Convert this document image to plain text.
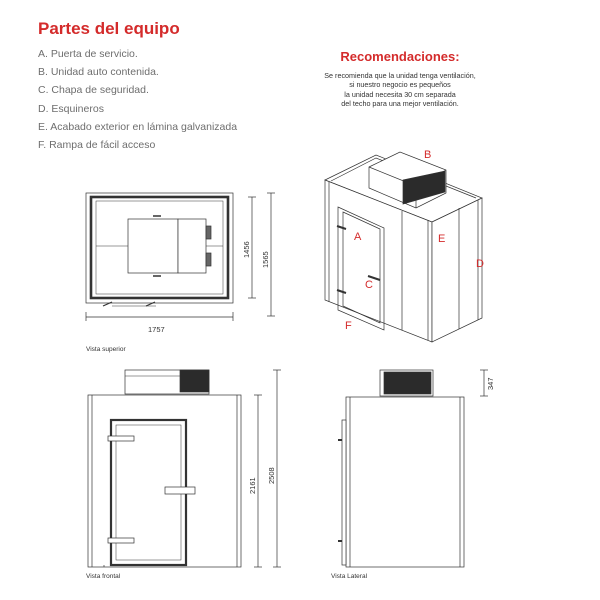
Partes del equipo
A. Puerta de servicio.
B. Unidad auto contenida.
C. Chapa de seguridad.
D. Esquineros
E. Acabado exterior en lámina galvanizada
F. Rampa de fácil acceso
Recomendaciones:
Se recomienda que la unidad tenga ventilación,
si nuestro negocio es pequeños
la unidad necesita 30 cm separada
del techo para una mejor ventilación.
B
A	E
D
C
F
1757
1456
1565
2161
2508
347
Vista superior
Vista frontal	Vista Lateral
